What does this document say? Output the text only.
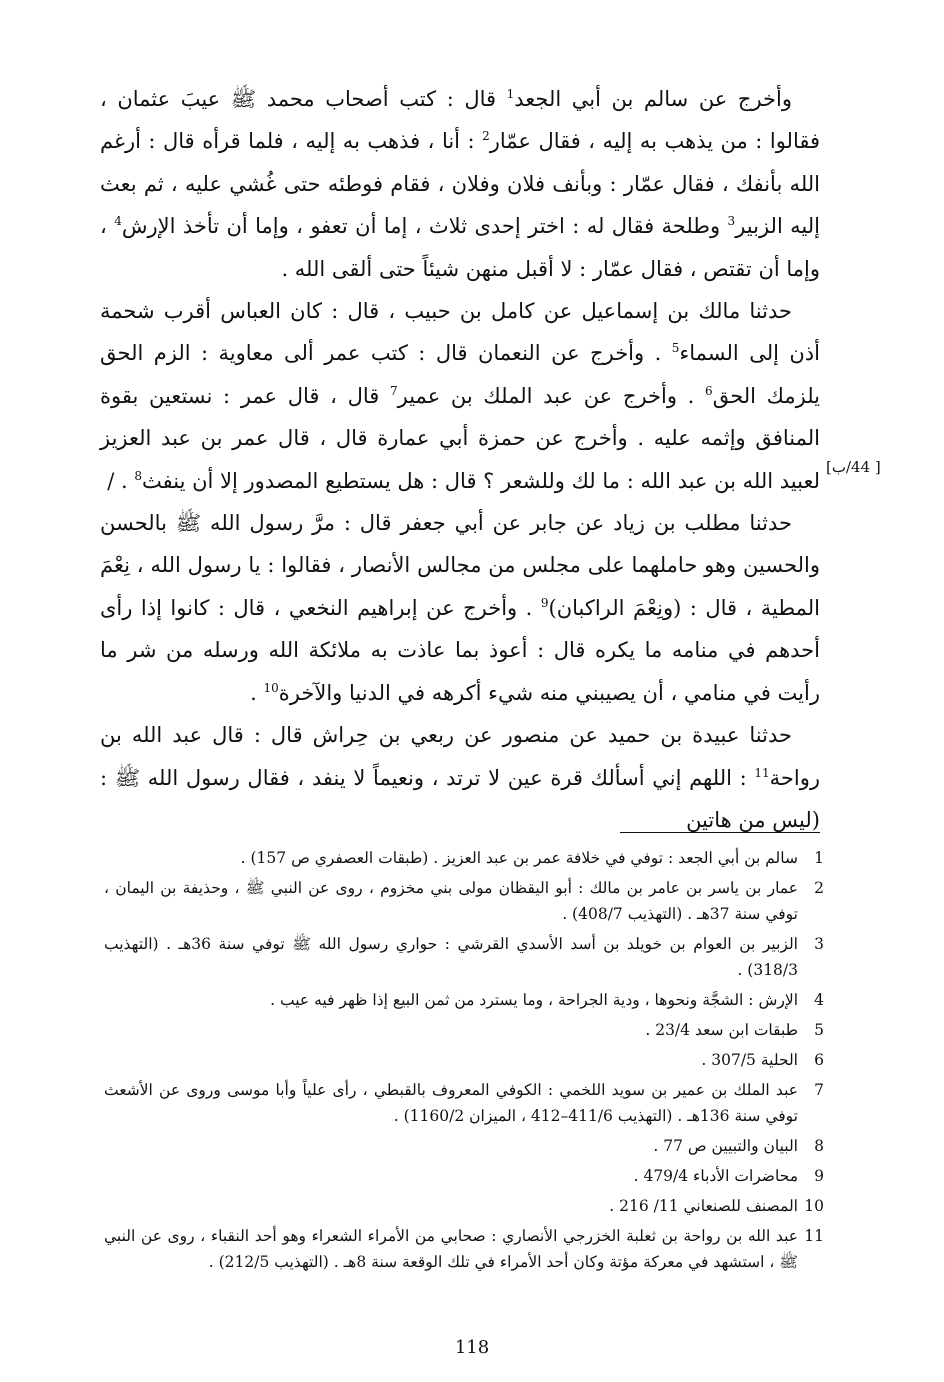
وأخرج عن سالم بن أبي الجعد$^1$ قال : كتب أصحاب محمد ﷺ عيبَ عثمان ، فقالوا : من يذهب به إليه ، فقال عمّار$^2$ : أنا ، فذهب به إليه ، فلما قرأه قال : أرغم الله بأنفك ، فقال عمّار : وبأنف فلان وفلان ، فقام فوطئه حتى غُشي عليه ، ثم بعث إليه الزبير$^3$ وطلحة فقال له : اختر إحدى ثلاث ، إما أن تعفو ، وإما أن تأخذ الإرش$^4$ ، وإما أن تقتص ، فقال عمّار : لا أقبل منهن شيئاً حتى ألقى الله .

حدثنا مالك بن إسماعيل عن كامل بن حبيب ، قال : كان العباس أقرب شحمة أذن إلى السماء$^5$ . وأخرج عن النعمان قال : كتب عمر ألى معاوية : الزم الحق يلزمك الحق$^6$ . وأخرج عن عبد الملك بن عمير$^7$ قال ، قال عمر : نستعين بقوة المنافق وإثمه عليه . وأخرج عن حمزة أبي عمارة قال ، قال عمر بن عبد العزيز لعبيد الله بن عبد الله : ما لك وللشعر ؟ قال : هل يستطيع المصدور إلا أن ينفث$^8$ . /

حدثنا مطلب بن زياد عن جابر عن أبي جعفر قال : مرَّ رسول الله ﷺ بالحسن والحسين وهو حاملهما على مجلس من مجالس الأنصار ، فقالوا : يا رسول الله ، نِعْمَ المطية ، قال : (ونِعْمَ الراكبان)$^9$ . وأخرج عن إبراهيم النخعي ، قال : كانوا إذا رأى أحدهم في منامه ما يكره قال : أعوذ بما عاذت به ملائكة الله ورسله من شر ما رأيت في منامي ، أن يصيبني منه شيء أكرهه في الدنيا والآخرة$^{10}$ .

حدثنا عبيدة بن حميد عن منصور عن ربعي بن حِراش قال : قال عبد الله بن رواحة$^{11}$ : اللهم إني أسألك قرة عين لا ترتد ، ونعيماً لا ينفد ، فقال رسول الله ﷺ : (ليس من هاتين

[ 44/ب]
1
سالم بن أبي الجعد : توفي في خلافة عمر بن عبد العزيز . (طبقات العصفري ص 157) .
2
عمار بن ياسر بن عامر بن مالك : أبو اليقظان مولى بني مخزوم ، روى عن النبي ﷺ ، وحذيفة بن اليمان ، توفي سنة 37هـ . (التهذيب 408/7) .
3
الزبير بن العوام بن خويلد بن أسد الأسدي القرشي : حواري رسول الله ﷺ توفي سنة 36هـ . (التهذيب 318/3) .
4
الإرش : الشجَّة ونحوها ، ودية الجراحة ، وما يسترد من ثمن البيع إذا ظهر فيه عيب .
5
طبقات ابن سعد 23/4 .
6
الحلية 307/5 .
7
عبد الملك بن عمير بن سويد اللخمي : الكوفي المعروف بالقبطي ، رأى علياً وأبا موسى وروى عن الأشعث توفي سنة 136هـ . (التهذيب 411/6–412 ، الميزان 1160/2) .
8
البيان والتبيين ص 77 .
9
محاضرات الأدباء 479/4 .
10
المصنف للصنعاني 11/ 216 .
11
عبد الله بن رواحة بن ثعلبة الخزرجي الأنصاري : صحابي من الأمراء الشعراء وهو أحد النقباء ، روى عن النبي ﷺ ، استشهد في معركة مؤتة وكان أحد الأمراء في تلك الوقعة سنة 8هـ . (التهذيب 212/5) .
118
